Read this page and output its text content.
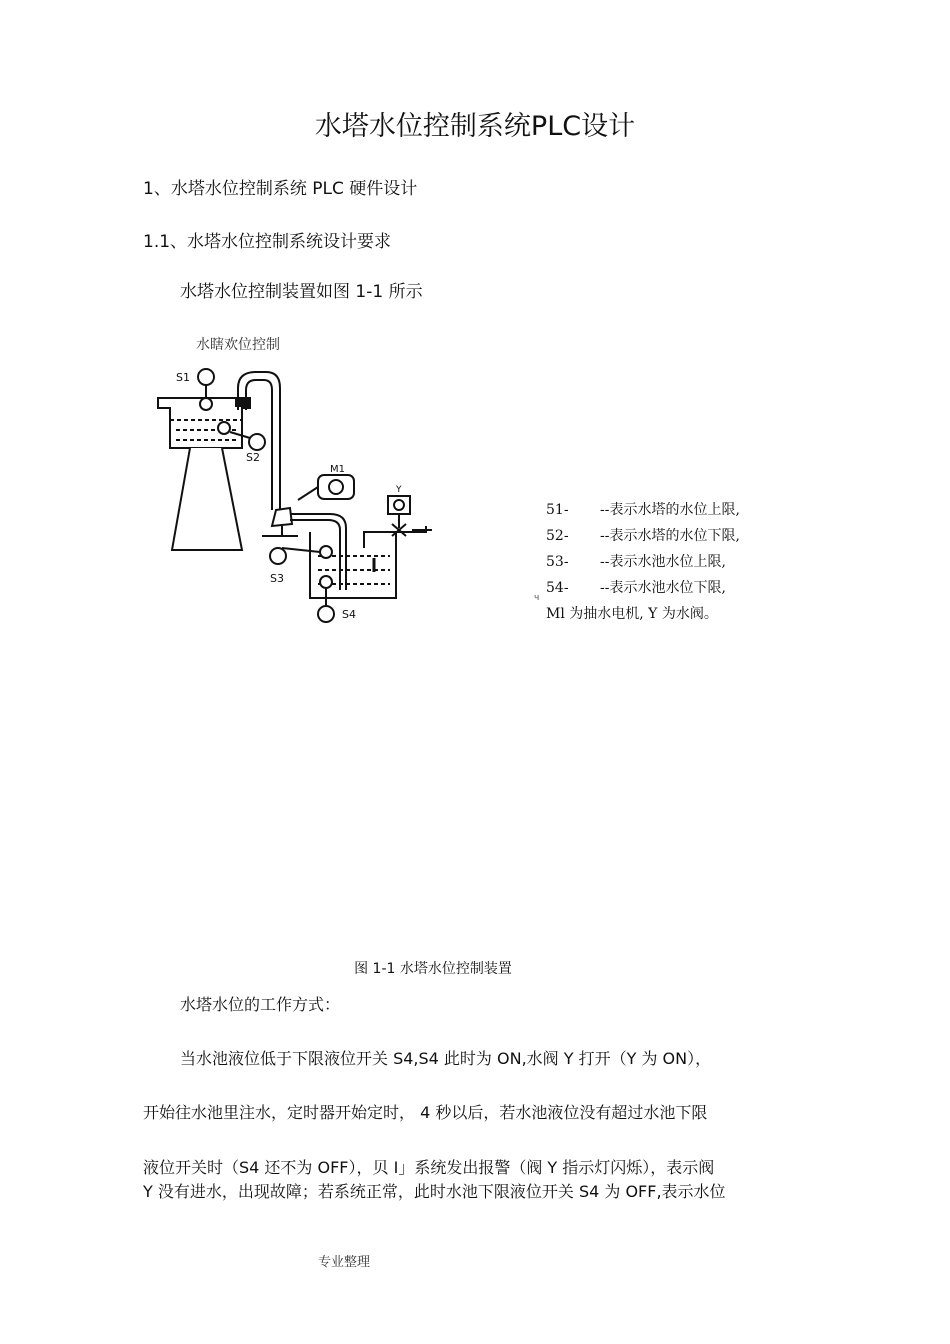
水塔水位控制系统PLC设计
1、水塔水位控制系统 PLC 硬件设计
1.1、水塔水位控制系统设计要求
水塔水位控制装置如图 1-1 所示
水瞎欢位控制
S1
S2
S3
S4
M1
Y
51-	--表示水塔的水位上限,
52-	--表示水塔的水位下限,
53-	--表示水池水位上限,
54-	--表示水池水位下限,
Ml 为抽水电机, Y 为水阀。
ч
图 1-1 水塔水位控制装置
水塔水位的工作方式：
当水池液位低于下限液位开关 S4,S4 此时为 ON,水阀 Y 打开（Y 为 ON），
开始往水池里注水，定时器开始定时， 4 秒以后，若水池液位没有超过水池下限
液位开关时（S4 还不为 OFF），贝 I」系统发出报警（阀 Y 指示灯闪烁），表示阀
Y 没有进水，出现故障；若系统正常，此时水池下限液位开关 S4 为 OFF,表示水位
专业整理
